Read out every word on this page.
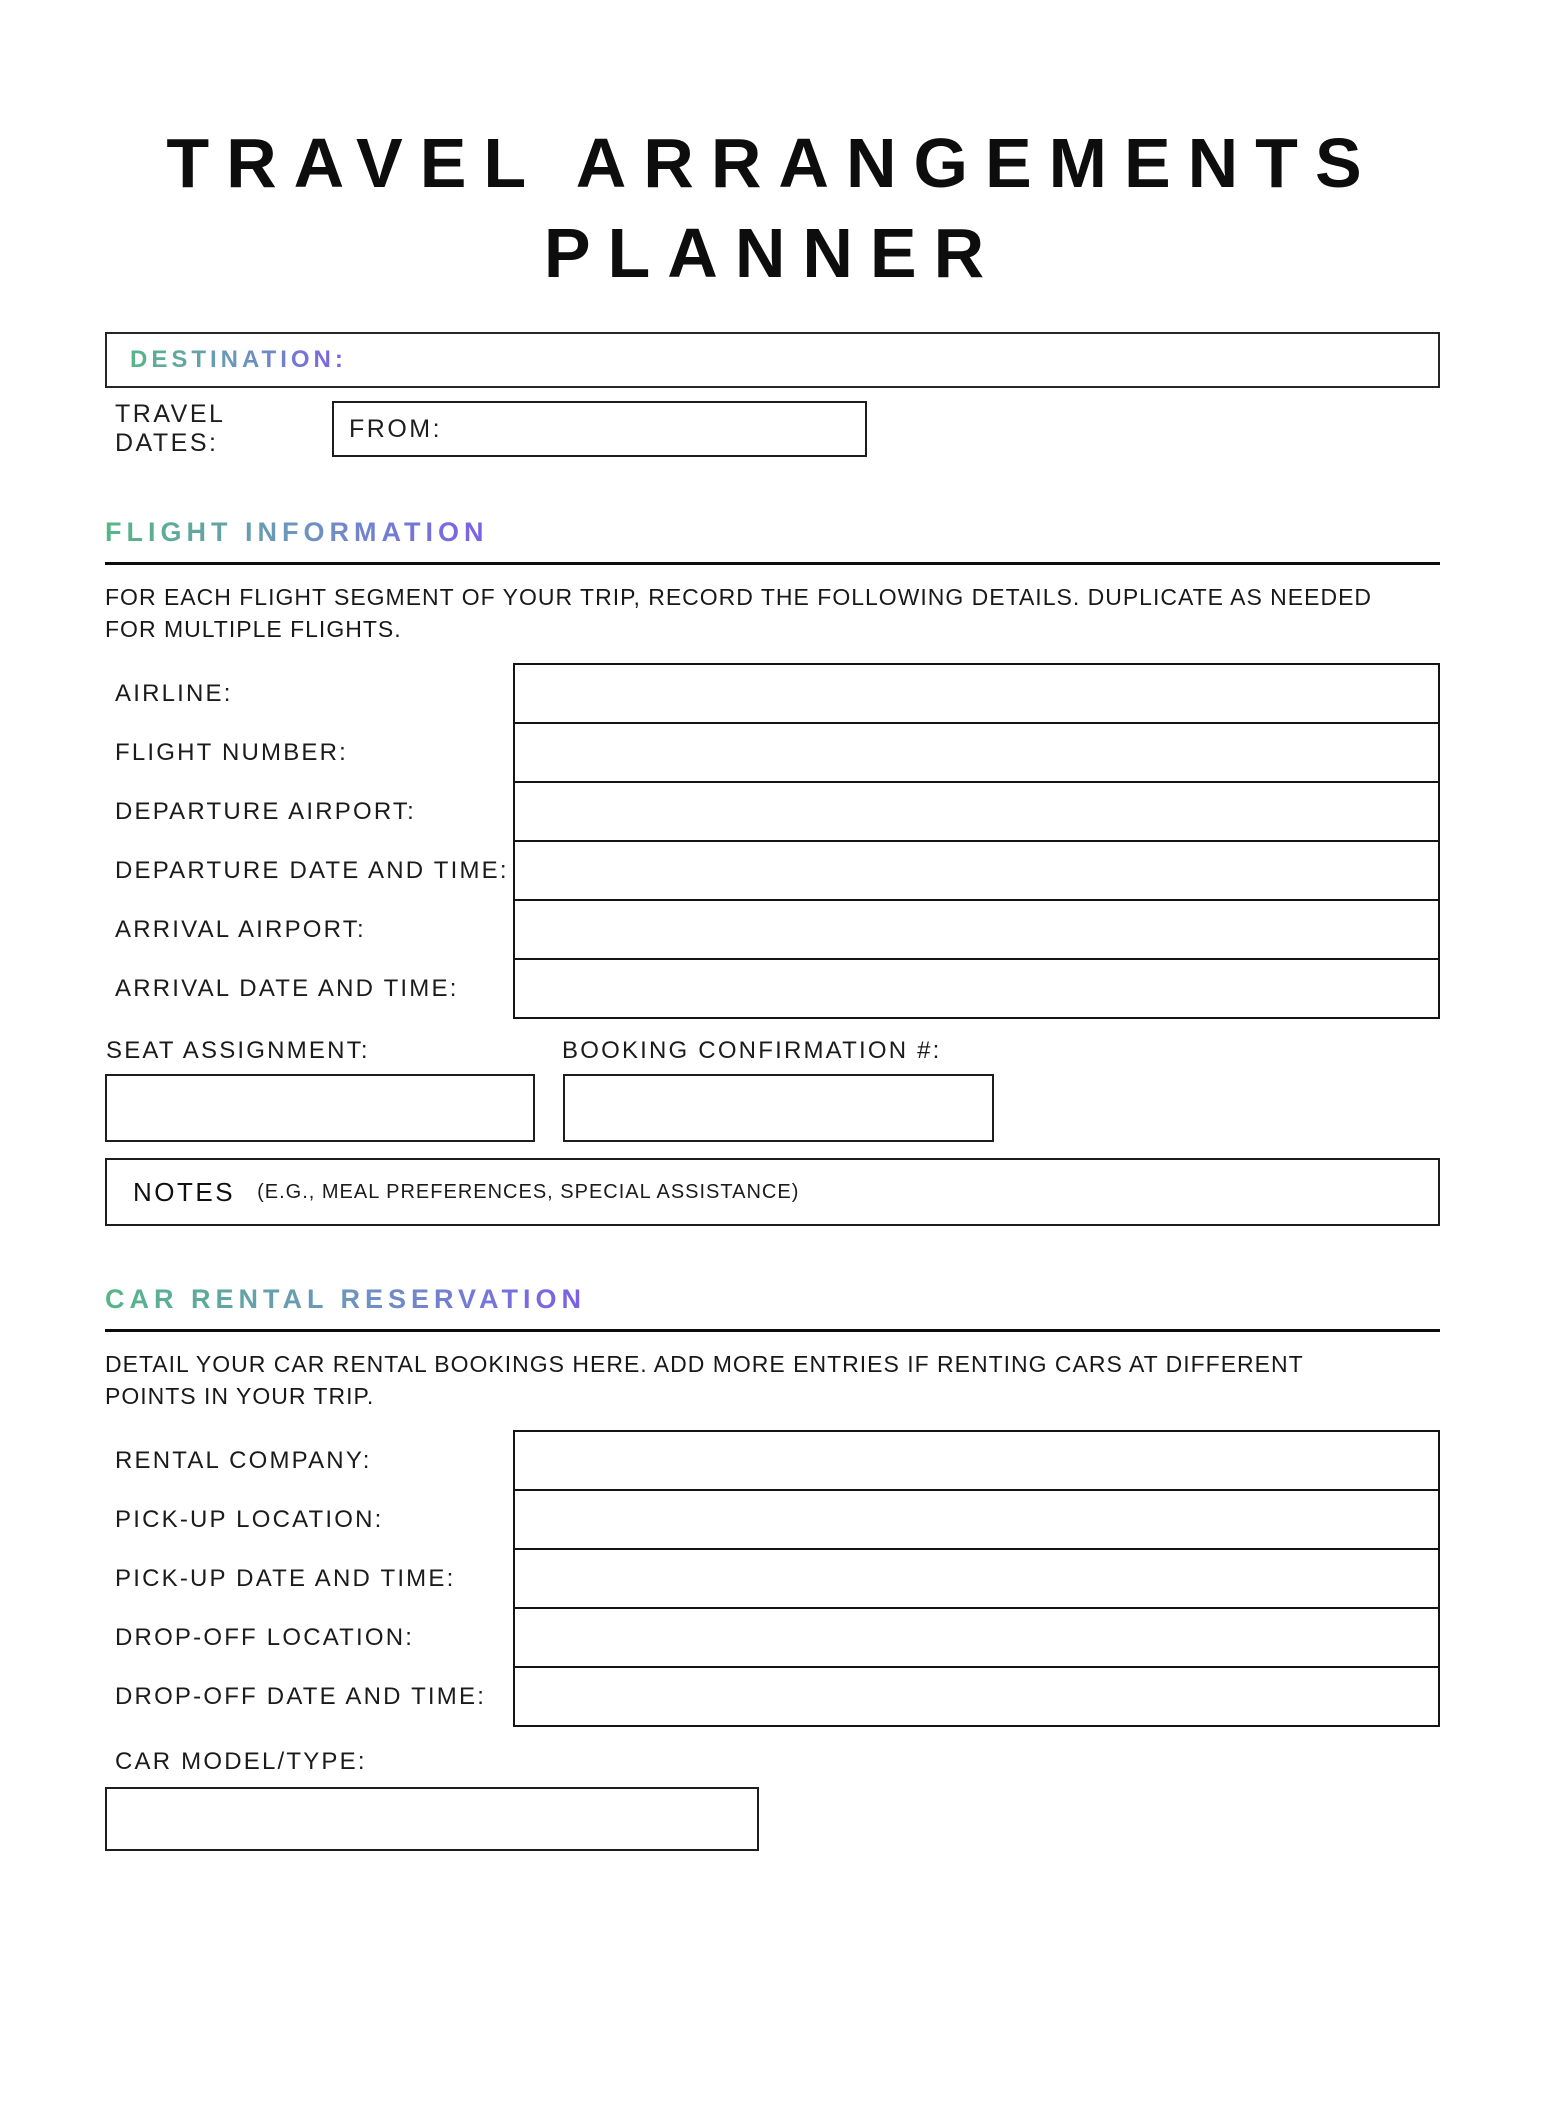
TRAVEL ARRANGEMENTS
PLANNER
DESTINATION:
TRAVEL DATES:
FROM:
FLIGHT INFORMATION
FOR EACH FLIGHT SEGMENT OF YOUR TRIP, RECORD THE FOLLOWING DETAILS. DUPLICATE AS NEEDED
FOR MULTIPLE FLIGHTS.
AIRLINE:
FLIGHT NUMBER:
DEPARTURE AIRPORT:
DEPARTURE DATE AND TIME:
ARRIVAL AIRPORT:
ARRIVAL DATE AND TIME:
SEAT ASSIGNMENT:	BOOKING CONFIRMATION #:
NOTES (E.G., MEAL PREFERENCES, SPECIAL ASSISTANCE)
CAR RENTAL RESERVATION
DETAIL YOUR CAR RENTAL BOOKINGS HERE. ADD MORE ENTRIES IF RENTING CARS AT DIFFERENT
POINTS IN YOUR TRIP.
RENTAL COMPANY:
PICK-UP LOCATION:
PICK-UP DATE AND TIME:
DROP-OFF LOCATION:
DROP-OFF DATE AND TIME:
CAR MODEL/TYPE:
